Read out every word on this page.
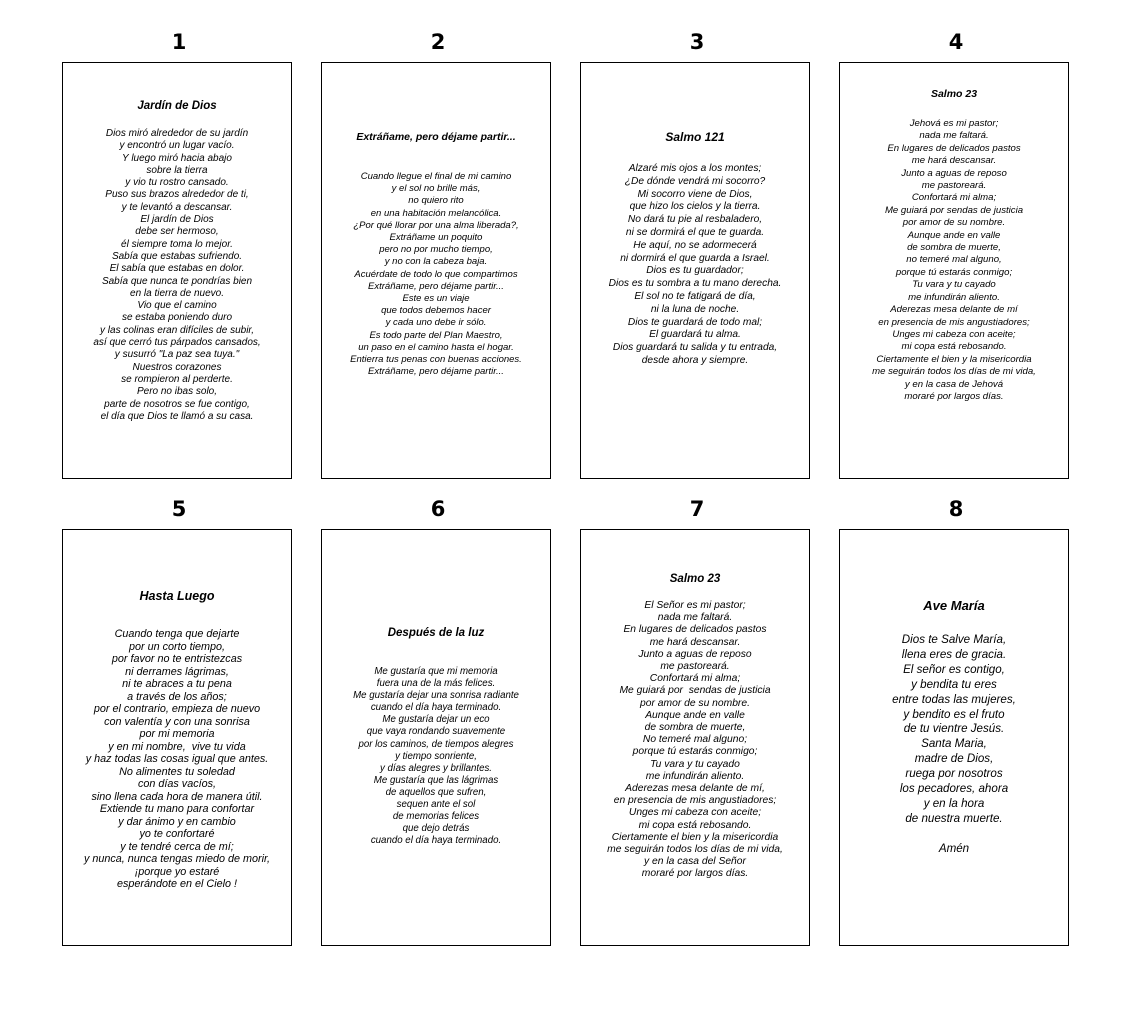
1
Jardín de Dios
Dios miró alrededor de su jardín
y encontró un lugar vacío.
Y luego miró hacia abajo
sobre la tierra
y vio tu rostro cansado.
Puso sus brazos alrededor de ti,
y te levantó a descansar.
El jardín de Dios
debe ser hermoso,
él siempre toma lo mejor.
Sabía que estabas sufriendo.
El sabía que estabas en dolor.
Sabía que nunca te pondrías bien
en la tierra de nuevo.
Vio que el camino
se estaba poniendo duro
y las colinas eran difíciles de subir,
así que cerró tus párpados cansados,
y susurró "La paz sea tuya."
Nuestros corazones
se rompieron al perderte.
Pero no ibas solo,
parte de nosotros se fue contigo,
el día que Dios te llamó a su casa.
2
Extráñame, pero déjame partir...
Cuando llegue el final de mi camino
y el sol no brille más,
no quiero rito
en una habitación melancólica.
¿Por qué llorar por una alma liberada?,
Extráñame un poquito
pero no por mucho tiempo,
y no con la cabeza baja.
Acuérdate de todo lo que compartimos
Extráñame, pero déjame partir...
Este es un viaje
que todos debemos hacer
y cada uno debe ir sólo.
Es todo parte del Plan Maestro,
un paso en el camino hasta el hogar.
Entierra tus penas con buenas acciones.
Extráñame, pero déjame partir...
3
Salmo 121
Alzaré mis ojos a los montes;
¿De dónde vendrá mi socorro?
Mi socorro viene de Dios,
que hizo los cielos y la tierra.
No dará tu pie al resbaladero,
ni se dormirá el que te guarda.
He aquí, no se adormecerá
ni dormirá el que guarda a Israel.
Dios es tu guardador;
Dios es tu sombra a tu mano derecha.
El sol no te fatigará de día,
ni la luna de noche.
Dios te guardará de todo mal;
El guardará tu alma.
Dios guardará tu salida y tu entrada,
desde ahora y siempre.
4
Salmo 23
Jehová es mi pastor;
nada me faltará.
En lugares de delicados pastos
me hará descansar.
Junto a aguas de reposo
me pastoreará.
Confortará mi alma;
Me guiará por sendas de justicia
por amor de su nombre.
Aunque ande en valle
de sombra de muerte,
no temeré mal alguno,
porque tú estarás conmigo;
Tu vara y tu cayado
me infundirán aliento.
Aderezas mesa delante de mí
en presencia de mis angustiadores;
Unges mi cabeza con aceite;
mi copa está rebosando.
Ciertamente el bien y la misericordia
me seguirán todos los días de mi vida,
y en la casa de Jehová
moraré por largos días.
5
Hasta Luego
Cuando tenga que dejarte
por un corto tiempo,
por favor no te entristezcas
ni derrames lágrimas,
ni te abraces a tu pena
a través de los años;
por el contrario, empieza de nuevo
con valentía y con una sonrisa
por mi memoria
y en mi nombre,  vive tu vida
y haz todas las cosas igual que antes.
No alimentes tu soledad
con días vacíos,
sino llena cada hora de manera útil.
Extiende tu mano para confortar
y dar ánimo y en cambio
yo te confortaré
y te tendré cerca de mí;
y nunca, nunca tengas miedo de morir,
¡porque yo estaré
esperándote en el Cielo !
6
Después de la luz
Me gustaría que mi memoria
fuera una de la más felices.
Me gustaría dejar una sonrisa radiante
cuando el día haya terminado.
Me gustaría dejar un eco
que vaya rondando suavemente
por los caminos, de tiempos alegres
y tiempo sonriente,
y días alegres y brillantes.
Me gustaría que las lágrimas
de aquellos que sufren,
sequen ante el sol
de memorias felices
que dejo detrás
cuando el día haya terminado.
7
Salmo 23
El Señor es mi pastor;
nada me faltará.
En lugares de delicados pastos
me hará descansar.
Junto a aguas de reposo
me pastoreará.
Confortará mi alma;
Me guiará por  sendas de justicia
por amor de su nombre.
Aunque ande en valle
de sombra de muerte,
No temeré mal alguno;
porque tú estarás conmigo;
Tu vara y tu cayado
me infundirán aliento.
Aderezas mesa delante de mí,
en presencia de mis angustiadores;
Unges mi cabeza con aceite;
mi copa está rebosando.
Ciertamente el bien y la misericordia
me seguirán todos los días de mi vida,
y en la casa del Señor
moraré por largos días.
8
Ave María
Dios te Salve María,
llena eres de gracia.
El señor es contigo,
y bendita tu eres
entre todas las mujeres,
y bendito es el fruto
de tu vientre Jesús.
Santa Maria,
madre de Dios,
ruega por nosotros
los pecadores, ahora
y en la hora
de nuestra muerte.
Amén
